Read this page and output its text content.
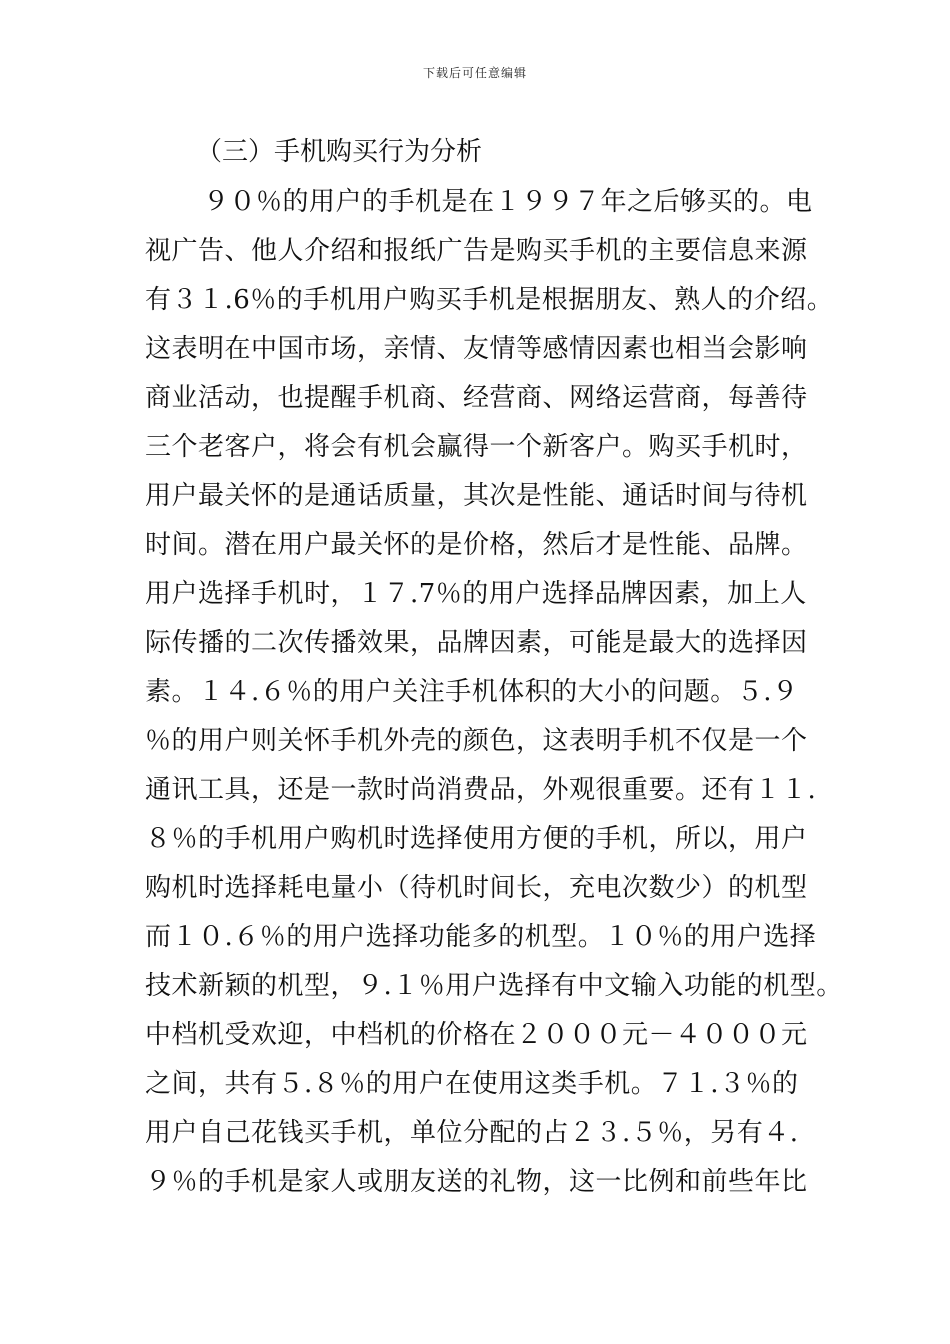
下载后可任意编辑
（三）手机购买行为分析
９０％的用户的手机是在１９９７年之后够买的。电
视广告、他人介绍和报纸广告是购买手机的主要信息来源
有３１.6％的手机用户购买手机是根据朋友、熟人的介绍。
这表明在中国市场，亲情、友情等感情因素也相当会影响
商业活动，也提醒手机商、经营商、网络运营商，每善待
三个老客户，将会有机会赢得一个新客户。购买手机时，
用户最关怀的是通话质量，其次是性能、通话时间与待机
时间。潜在用户最关怀的是价格，然后才是性能、品牌。
用户选择手机时，１７.7％的用户选择品牌因素，加上人
际传播的二次传播效果，品牌因素，可能是最大的选择因
素。１４.６％的用户关注手机体积的大小的问题。５.９
％的用户则关怀手机外壳的颜色，这表明手机不仅是一个
通讯工具，还是一款时尚消费品，外观很重要。还有１１.
８％的手机用户购机时选择使用方便的手机，所以，用户
购机时选择耗电量小（待机时间长，充电次数少）的机型
而１０.６％的用户选择功能多的机型。１０％的用户选择
技术新颖的机型，９.１％用户选择有中文输入功能的机型。
中档机受欢迎，中档机的价格在２０００元－４０００元
之间，共有５.８％的用户在使用这类手机。７１.３％的
用户自己花钱买手机，单位分配的占２３.５％，另有４.
９％的手机是家人或朋友送的礼物，这一比例和前些年比
